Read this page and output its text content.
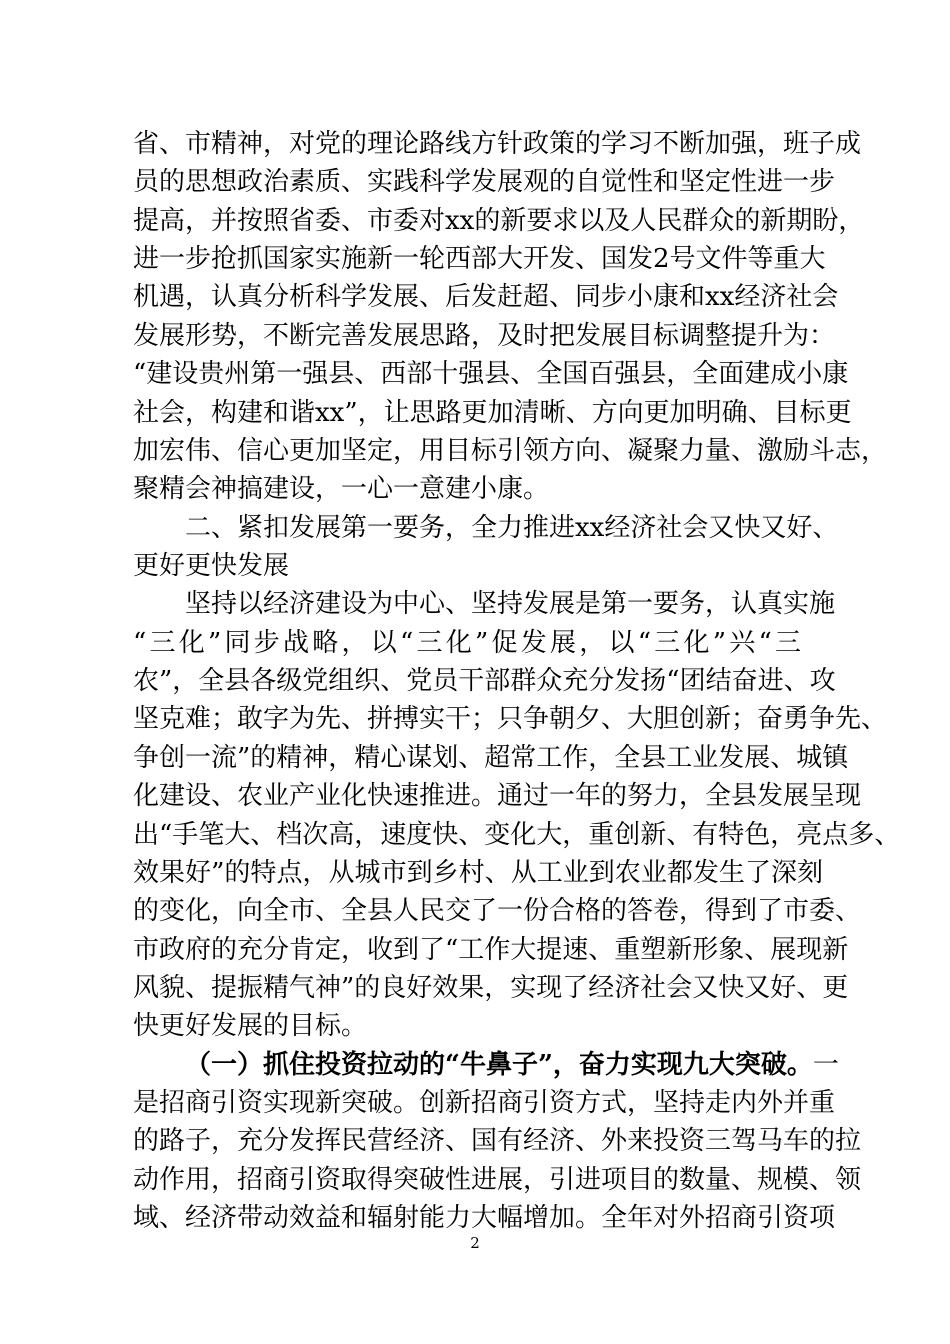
省、市精神，对党的理论路线方针政策的学习不断加强，班子成
员的思想政治素质、实践科学发展观的自觉性和坚定性进一步
提高，并按照省委、市委对xx的新要求以及人民群众的新期盼，
进一步抢抓国家实施新一轮西部大开发、国发2号文件等重大
机遇，认真分析科学发展、后发赶超、同步小康和xx经济社会
发展形势，不断完善发展思路，及时把发展目标调整提升为：
“建设贵州第一强县、西部十强县、全国百强县，全面建成小康
社会，构建和谐xx”，让思路更加清晰、方向更加明确、目标更
加宏伟、信心更加坚定，用目标引领方向、凝聚力量、激励斗志，
聚精会神搞建设，一心一意建小康。
二、紧扣发展第一要务，全力推进xx经济社会又快又好、
更好更快发展
坚持以经济建设为中心、坚持发展是第一要务，认真实施
“三化”同步战略，以“三化”促发展，以“三化”兴“三
农”，全县各级党组织、党员干部群众充分发扬“团结奋进、攻
坚克难；敢字为先、拼搏实干；只争朝夕、大胆创新；奋勇争先、
争创一流”的精神，精心谋划、超常工作，全县工业发展、城镇
化建设、农业产业化快速推进。通过一年的努力，全县发展呈现
出“手笔大、档次高，速度快、变化大，重创新、有特色，亮点多、
效果好”的特点，从城市到乡村、从工业到农业都发生了深刻
的变化，向全市、全县人民交了一份合格的答卷，得到了市委、
市政府的充分肯定，收到了“工作大提速、重塑新形象、展现新
风貌、提振精气神”的良好效果，实现了经济社会又快又好、更
快更好发展的目标。
（一）抓住投资拉动的“牛鼻子”，奋力实现九大突破。一
是招商引资实现新突破。创新招商引资方式，坚持走内外并重
的路子，充分发挥民营经济、国有经济、外来投资三驾马车的拉
动作用，招商引资取得突破性进展，引进项目的数量、规模、领
域、经济带动效益和辐射能力大幅增加。全年对外招商引资项
2
